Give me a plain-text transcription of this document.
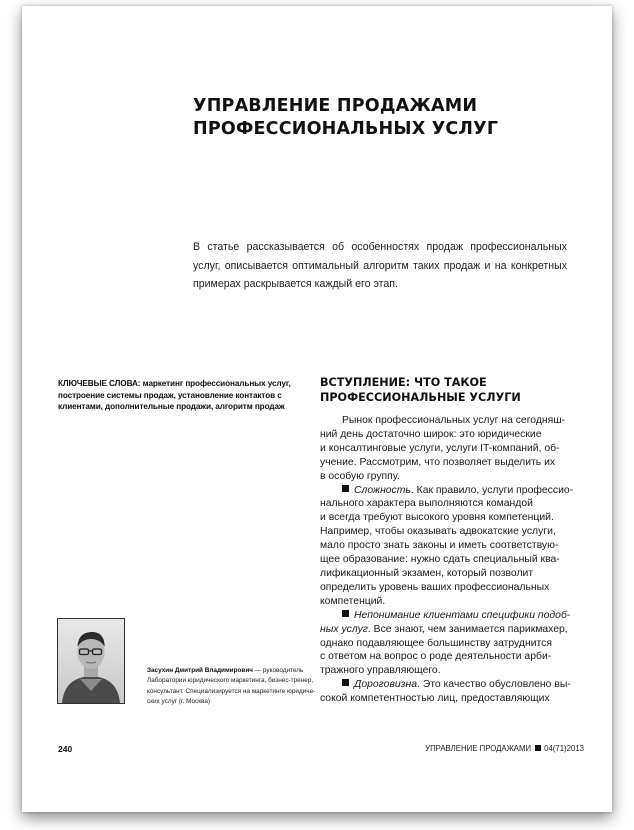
УПРАВЛЕНИЕ ПРОДАЖАМИ
ПРОФЕССИОНАЛЬНЫХ УСЛУГ
В статье рассказывается об особенностях продаж профессиональных услуг, описывается оптимальный алгоритм таких продаж и на конкретных примерах раскрывается каждый его этап.
КЛЮЧЕВЫЕ СЛОВА: маркетинг профессиональных услуг, построение системы продаж, установление контактов с клиентами, дополнительные продажи, алгоритм продаж
ВСТУПЛЕНИЕ: ЧТО ТАКОЕ
ПРОФЕССИОНАЛЬНЫЕ УСЛУГИ
Рынок профессиональных услуг на сегодняш-
ний день достаточно широк: это юридические
и консалтинговые услуги, услуги IT-компаний, об-
учение. Рассмотрим, что позволяет выделить их
в особую группу.
Сложность. Как правило, услуги профессио-
нального характера выполняются командой
и всегда требуют высокого уровня компетенций.
Например, чтобы оказывать адвокатские услуги,
мало просто знать законы и иметь соответствую-
щее образование: нужно сдать специальный ква-
лификационный экзамен, который позволит
определить уровень ваших профессиональных
компетенций.
Непонимание клиентами специфики подоб-
ных услуг. Все знают, чем занимается парикмахер,
однако подавляющее большинству затруднится
с ответом на вопрос о роде деятельности арби-
тражного управляющего.
Дороговизна. Это качество обусловлено вы-
сокой компетентностью лиц, предоставляющих
Засухин Дмитрий Владимирович — руководитель
Лаборатории юридического маркетинга, бизнес-тренер,
консультант. Специализируется на маркетинге юридиче-
ских услуг (г. Москва)
240	УПРАВЛЕНИЕ ПРОДАЖАМИ 04(71)2013
